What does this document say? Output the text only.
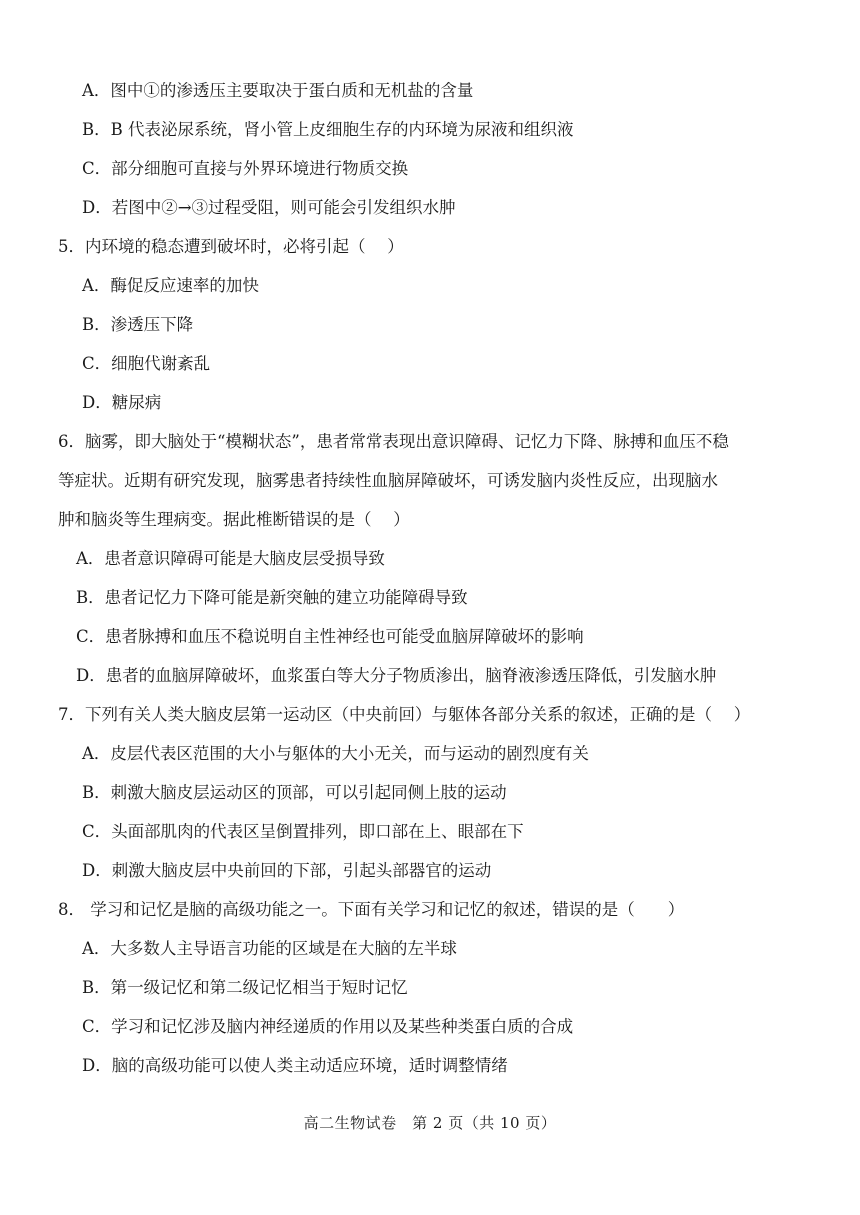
A．图中①的渗透压主要取决于蛋白质和无机盐的含量
B．B 代表泌尿系统，肾小管上皮细胞生存的内环境为尿液和组织液
C．部分细胞可直接与外界环境进行物质交换
D．若图中②→③过程受阻，则可能会引发组织水肿
5．内环境的稳态遭到破坏时，必将引起（　 ）
A．酶促反应速率的加快
B．渗透压下降
C．细胞代谢紊乱
D．糖尿病
6．脑雾，即大脑处于“模糊状态”，患者常常表现出意识障碍、记忆力下降、脉搏和血压不稳
等症状。近期有研究发现，脑雾患者持续性血脑屏障破坏，可诱发脑内炎性反应，出现脑水
肿和脑炎等生理病变。据此椎断错误的是（　 ）
A．患者意识障碍可能是大脑皮层受损导致
B．患者记忆力下降可能是新突触的建立功能障碍导致
C．患者脉搏和血压不稳说明自主性神经也可能受血脑屏障破坏的影响
D．患者的血脑屏障破坏，血浆蛋白等大分子物质渗出，脑脊液渗透压降低，引发脑水肿
7．下列有关人类大脑皮层第一运动区（中央前回）与躯体各部分关系的叙述，正确的是（　 ）
A．皮层代表区范围的大小与躯体的大小无关，而与运动的剧烈度有关
B．刺激大脑皮层运动区的顶部，可以引起同侧上肢的运动
C．头面部肌肉的代表区呈倒置排列，即口部在上、眼部在下
D．刺激大脑皮层中央前回的下部，引起头部器官的运动
8． 学习和记忆是脑的高级功能之一。下面有关学习和记忆的叙述，错误的是（　　）
A．大多数人主导语言功能的区域是在大脑的左半球
B．第一级记忆和第二级记忆相当于短时记忆
C．学习和记忆涉及脑内神经递质的作用以及某些种类蛋白质的合成
D．脑的高级功能可以使人类主动适应环境，适时调整情绪
高二生物试卷　第 2 页（共 10 页）
